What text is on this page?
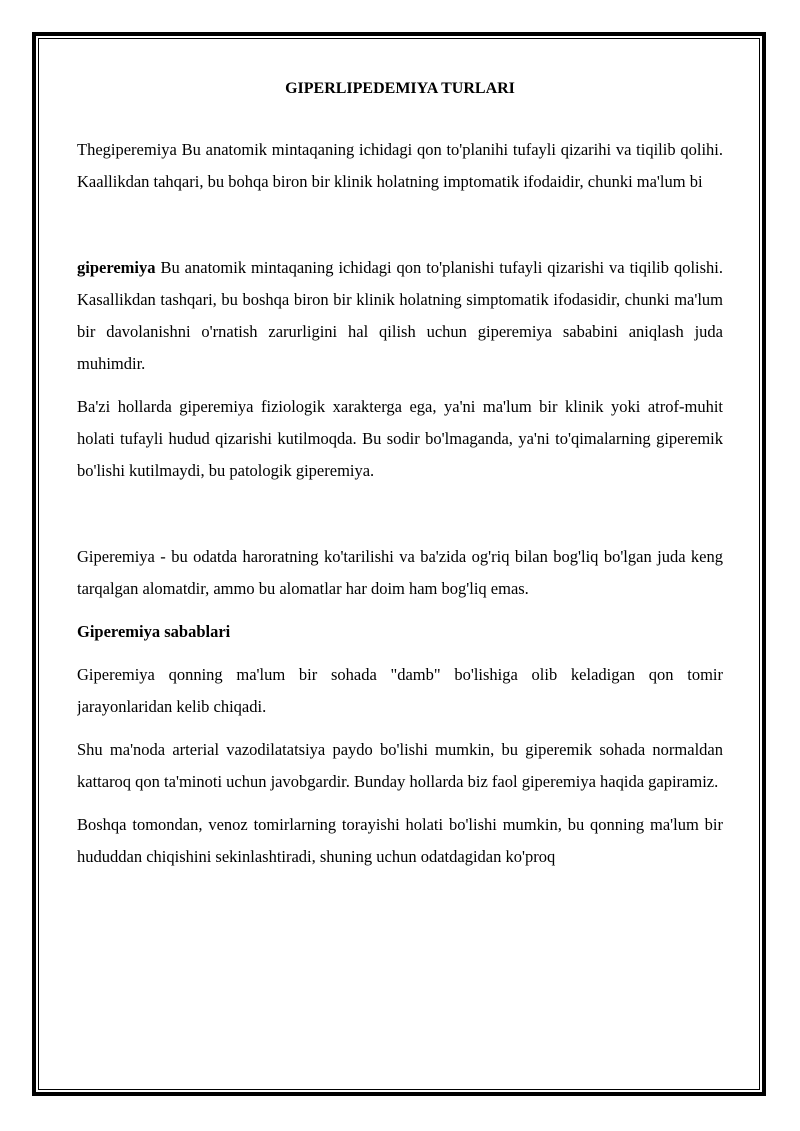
GIPERLIPEDEMIYA TURLARI

Thegiperemiya Bu anatomik mintaqaning ichidagi qon to'planihi tufayli qizarihi va tiqilib qolihi. Kaallikdan tahqari, bu bohqa biron bir klinik holatning imptomatik ifodaidir, chunki ma'lum bi

giperemiya Bu anatomik mintaqaning ichidagi qon to'planishi tufayli qizarishi va tiqilib qolishi. Kasallikdan tashqari, bu boshqa biron bir klinik holatning simptomatik ifodasidir, chunki ma'lum bir davolanishni o'rnatish zarurligini hal qilish uchun giperemiya sababini aniqlash juda muhimdir.

Ba'zi hollarda giperemiya fiziologik xarakterga ega, ya'ni ma'lum bir klinik yoki atrof-muhit holati tufayli hudud qizarishi kutilmoqda. Bu sodir bo'lmaganda, ya'ni to'qimalarning giperemik bo'lishi kutilmaydi, bu patologik giperemiya.

Giperemiya - bu odatda haroratning ko'tarilishi va ba'zida og'riq bilan bog'liq bo'lgan juda keng tarqalgan alomatdir, ammo bu alomatlar har doim ham bog'liq emas.

Giperemiya sabablari

Giperemiya qonning ma'lum bir sohada "damb" bo'lishiga olib keladigan qon tomir jarayonlaridan kelib chiqadi.

Shu ma'noda arterial vazodilatatsiya paydo bo'lishi mumkin, bu giperemik sohada normaldan kattaroq qon ta'minoti uchun javobgardir. Bunday hollarda biz faol giperemiya haqida gapiramiz.

Boshqa tomondan, venoz tomirlarning torayishi holati bo'lishi mumkin, bu qonning ma'lum bir hududdan chiqishini sekinlashtiradi, shuning uchun odatdagidan ko'proq
